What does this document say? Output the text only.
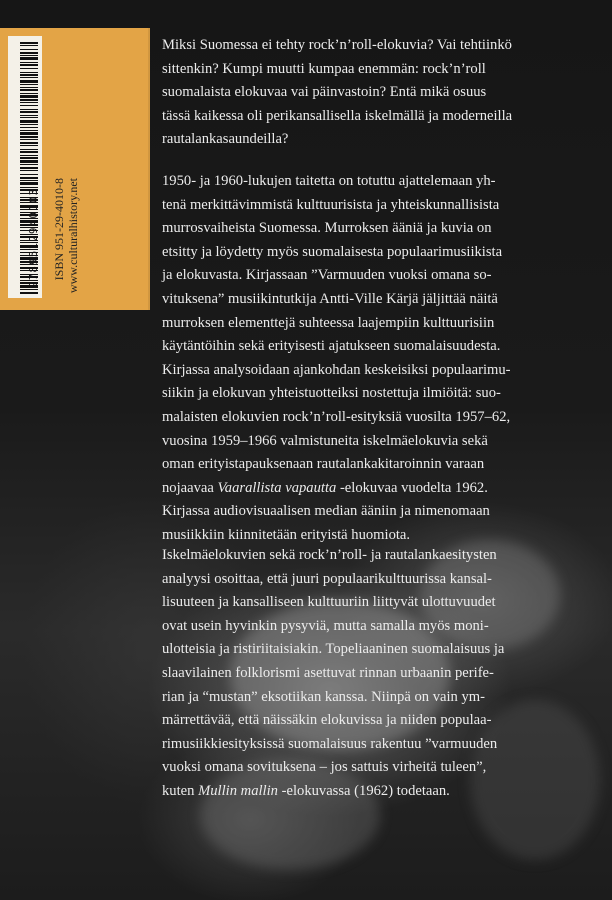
9789512940103	ISBN 951-29-4010-8 www.culturalhistory.net
Miksi Suomessa ei tehty rock’n’roll-elokuvia? Vai tehtiinkö
sittenkin? Kumpi muutti kumpaa enemmän: rock’n’roll
suomalaista elokuvaa vai päinvastoin? Entä mikä osuus
tässä kaikessa oli perikansallisella iskelmällä ja moderneilla
rautalankasaundeilla?
1950- ja 1960-lukujen taitetta on totuttu ajattelemaan yh-
tenä merkittävimmistä kulttuurisista ja yhteiskunnallisista
murrosvaiheista Suomessa. Murroksen ääniä ja kuvia on
etsitty ja löydetty myös suomalaisesta populaarimusiikista
ja elokuvasta. Kirjassaan ”Varmuuden vuoksi omana so-
vituksena” musiikintutkija Antti-Ville Kärjä jäljittää näitä
murroksen elementtejä suhteessa laajempiin kulttuurisiin
käytäntöihin sekä erityisesti ajatukseen suomalaisuudesta.
Kirjassa analysoidaan ajankohdan keskeisiksi populaarimu-
siikin ja elokuvan yhteistuotteiksi nostettuja ilmiöitä: suo-
malaisten elokuvien rock’n’roll-esityksiä vuosilta 1957–62,
vuosina 1959–1966 valmistuneita iskelmäelokuvia sekä
oman erityistapauksenaan rautalankakitaroinnin varaan
nojaavaa Vaarallista vapautta -elokuvaa vuodelta 1962.
Kirjassa audiovisuaalisen median ääniin ja nimenomaan
musiikkiin kiinnitetään erityistä huomiota.
Iskelmäelokuvien sekä rock’n’roll- ja rautalankaesitysten
analyysi osoittaa, että juuri populaarikulttuurissa kansal-
lisuuteen ja kansalliseen kulttuuriin liittyvät ulottuvuudet
ovat usein hyvinkin pysyviä, mutta samalla myös moni-
ulotteisia ja ristiriitaisiakin. Topeliaaninen suomalaisuus ja
slaavilainen folklorismi asettuvat rinnan urbaanin perife-
rian ja “mustan” eksotiikan kanssa. Niinpä on vain ym-
märrettävää, että näissäkin elokuvissa ja niiden populaa-
rimusiikkiesityksissä suomalaisuus rakentuu ”varmuuden
vuoksi omana sovituksena – jos sattuis virheitä tuleen”,
kuten Mullin mallin -elokuvassa (1962) todetaan.
